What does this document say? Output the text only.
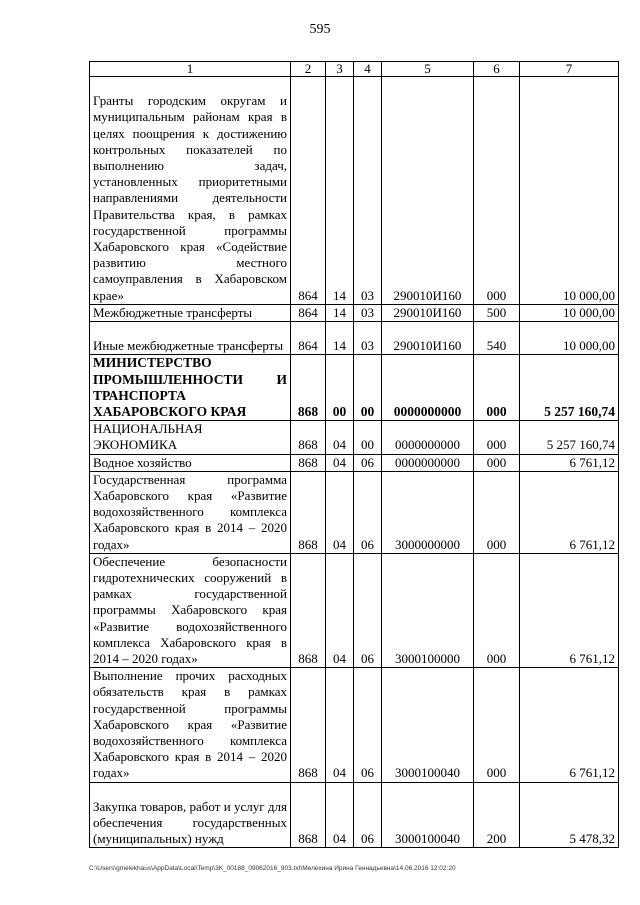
595
1	2	3	4	5	6	7
Гранты городским округам и муниципальным районам края в целях поощрения к достижению контрольных показателей по выполнению задач, установленных приоритетными направлениями деятельности Правительства края, в рамках государственной программы Хабаровского края «Содействие развитию местного самоуправления в Хабаровском крае»	864	14	03	290010И160	000	10 000,00
Межбюджетные трансферты	864	14	03	290010И160	500	10 000,00
Иные межбюджетные трансферты	864	14	03	290010И160	540	10 000,00
МИНИСТЕРСТВО ПРОМЫШЛЕННОСТИ И ТРАНСПОРТА ХАБАРОВСКОГО КРАЯ	868	00	00	0000000000	000	5 257 160,74
НАЦИОНАЛЬНАЯ ЭКОНОМИКА	868	04	00	0000000000	000	5 257 160,74
Водное хозяйство	868	04	06	0000000000	000	6 761,12
Государственная программа Хабаровского края «Развитие водохозяйственного комплекса Хабаровского края в 2014 – 2020 годах»	868	04	06	3000000000	000	6 761,12
Обеспечение безопасности гидротехнических сооружений в рамках государственной программы Хабаровского края «Развитие водохозяйственного комплекса Хабаровского края в 2014 – 2020 годах»	868	04	06	3000100000	000	6 761,12
Выполнение прочих расходных обязательств края в рамках государственной программы Хабаровского края «Развитие водохозяйственного комплекса Хабаровского края в 2014 – 2020 годах»	868	04	06	3000100040	000	6 761,12
Закупка товаров, работ и услуг для обеспечения государственных (муниципальных) нужд	868	04	06	3000100040	200	5 478,32
C:\Users\gmelekhaus\AppData\Local\Temp\3K_00188_09062016_903.txt\Мелехина Ирина Геннадьевна\14.06.2016 12:02:20
